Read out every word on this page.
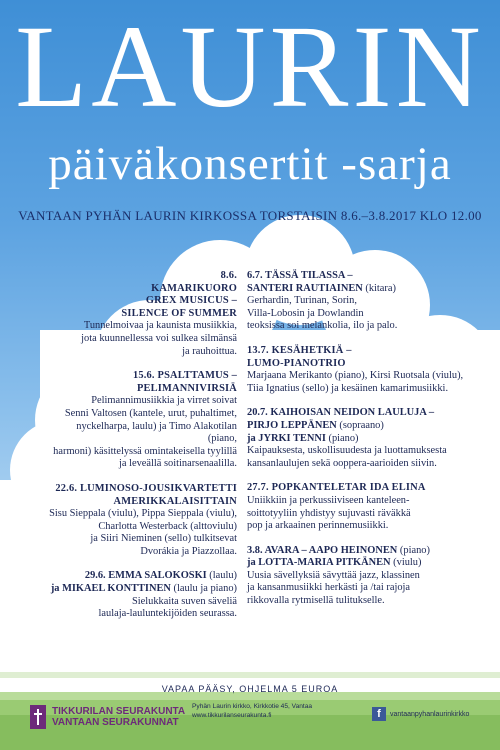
LAURIN
päiväkonsertit -sarja
VANTAAN PYHÄN LAURIN KIRKOSSA TORSTAISIN 8.6.–3.8.2017 KLO 12.00
8.6.
KAMARIKUORO
GREX MUSICUS –
SILENCE OF SUMMER
Tunnelmoivaa ja kaunista musiikkia,
jota kuunnellessa voi sulkea silmänsä
ja rauhoittua.
15.6. PSALTTAMUS –
PELIMANNIVIRSIÄ
Pelimannimusiikkia ja virret soivat
Senni Valtosen (kantele, urut, puhaltimet,
nyckelharpa, laulu) ja Timo Alakotilan (piano,
harmoni) käsittelyssä omintakeisella tyylillä
ja leveällä soitinarsenaalilla.
22.6. LUMINOSO-JOUSIKVARTETTI
AMERIKKALAISITTAIN
Sisu Sieppala (viulu), Pippa Sieppala (viulu),
Charlotta Westerback (alttoviulu)
ja Siiri Nieminen (sello) tulkitsevat
Dvorákia ja Piazzollaa.
29.6. EMMA SALOKOSKI (laulu)
ja MIKAEL KONTTINEN (laulu ja piano)
Sielukkaita suven säveliä
laulaja-lauluntekijöiden seurassa.
6.7. TÄSSÄ TILASSA –
SANTERI RAUTIAINEN (kitara)
Gerhardin, Turinan, Sorin,
Villa-Lobosin ja Dowlandin
teoksissa soi melankolia, ilo ja palo.
13.7. KESÄHETKIÄ –
LUMO-PIANOTRIO
Marjaana Merikanto (piano), Kirsi Ruotsala (viulu),
Tiia Ignatius (sello) ja kesäinen kamarimusiikki.
20.7. KAIHOISAN NEIDON LAULUJA –
PIRJO LEPPÄNEN (sopraano)
ja JYRKI TENNI (piano)
Kaipauksesta, uskollisuudesta ja luottamuksesta
kansanlaulujen sekä ooppera-aarioiden siivin.
27.7. POPKANTELETAR IDA ELINA
Uniikkiin ja perkussiiviseen kanteleen-
soittotyyliin yhdistyy sujuvasti räväkkä
pop ja arkaainen perinnemusiikki.
3.8. AVARA – AAPO HEINONEN (piano)
ja LOTTA-MARIA PITKÄNEN (viulu)
Uusia sävellyksiä sävyttää jazz, klassinen
ja kansanmusiikki herkästi ja /tai rajoja
rikkovalla rytmisellä tulitukselle.
VAPAA PÄÄSY, OHJELMA 5 EUROA
TIKKURILAN SEURAKUNTA
VANTAAN SEURAKUNNAT
Pyhän Laurin kirkko, Kirkkotie 45, Vantaa
www.tikkurilanseurakunta.fi	f	vantaanpyhanlaurinkirkko
